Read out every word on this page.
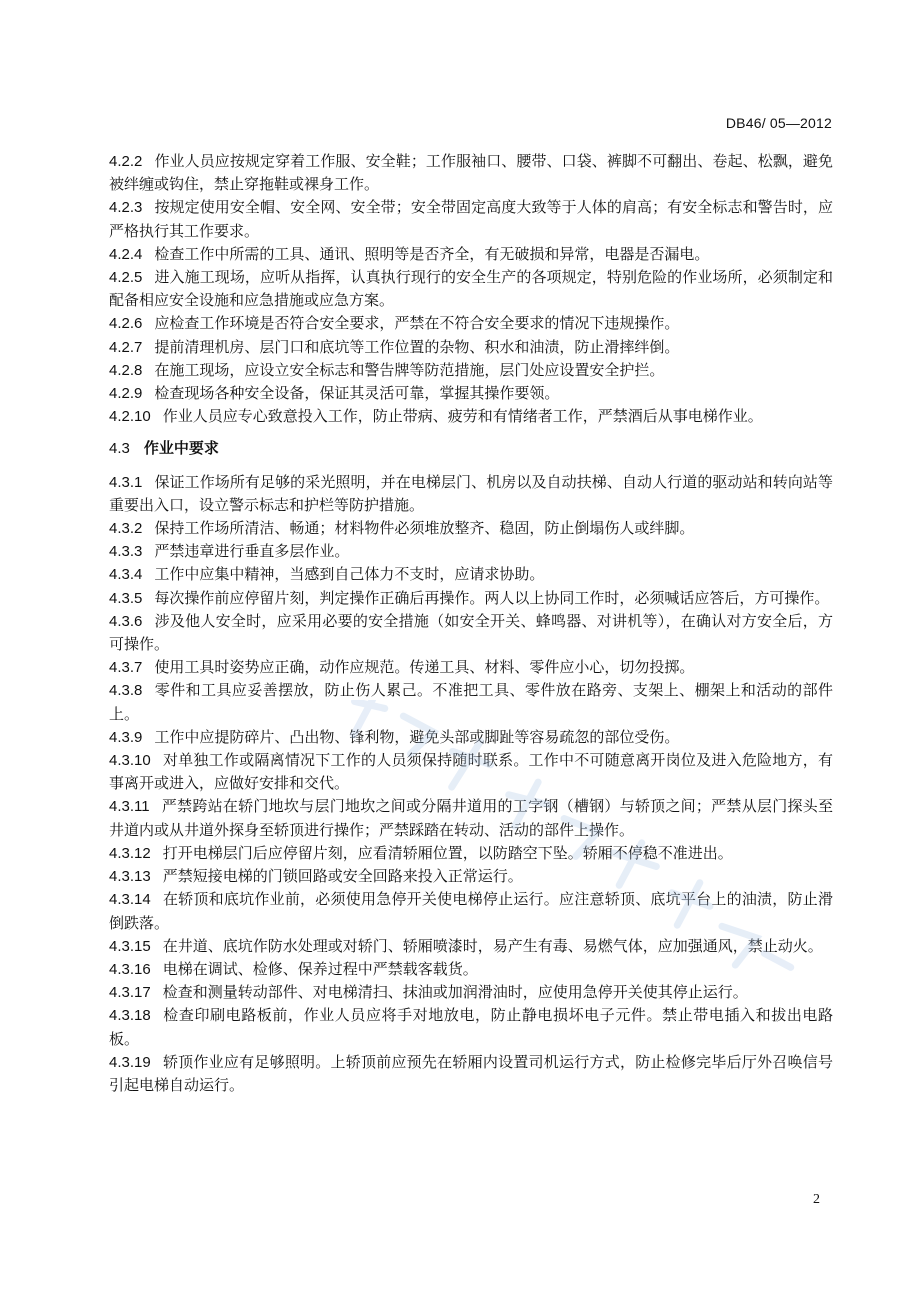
DB46/ 05—2012

4.2.2 作业人员应按规定穿着工作服、安全鞋；工作服袖口、腰带、口袋、裤脚不可翻出、卷起、松飘，避免被绊缠或钩住，禁止穿拖鞋或裸身工作。

4.2.3 按规定使用安全帽、安全网、安全带；安全带固定高度大致等于人体的肩高；有安全标志和警告时，应严格执行其工作要求。

4.2.4 检查工作中所需的工具、通讯、照明等是否齐全，有无破损和异常，电器是否漏电。

4.2.5 进入施工现场，应听从指挥，认真执行现行的安全生产的各项规定，特别危险的作业场所，必须制定和配备相应安全设施和应急措施或应急方案。

4.2.6 应检查工作环境是否符合安全要求，严禁在不符合安全要求的情况下违规操作。

4.2.7 提前清理机房、层门口和底坑等工作位置的杂物、积水和油渍，防止滑摔绊倒。

4.2.8 在施工现场，应设立安全标志和警告牌等防范措施，层门处应设置安全护拦。

4.2.9 检查现场各种安全设备，保证其灵活可靠，掌握其操作要领。

4.2.10 作业人员应专心致意投入工作，防止带病、疲劳和有情绪者工作，严禁酒后从事电梯作业。

4.3 作业中要求

4.3.1 保证工作场所有足够的采光照明，并在电梯层门、机房以及自动扶梯、自动人行道的驱动站和转向站等重要出入口，设立警示标志和护栏等防护措施。

4.3.2 保持工作场所清洁、畅通；材料物件必须堆放整齐、稳固，防止倒塌伤人或绊脚。

4.3.3 严禁违章进行垂直多层作业。

4.3.4 工作中应集中精神，当感到自己体力不支时，应请求协助。

4.3.5 每次操作前应停留片刻，判定操作正确后再操作。两人以上协同工作时，必须喊话应答后，方可操作。

4.3.6 涉及他人安全时，应采用必要的安全措施（如安全开关、蜂鸣器、对讲机等），在确认对方安全后，方可操作。

4.3.7 使用工具时姿势应正确，动作应规范。传递工具、材料、零件应小心，切勿投掷。

4.3.8 零件和工具应妥善摆放，防止伤人累己。不准把工具、零件放在路旁、支架上、棚架上和活动的部件上。

4.3.9 工作中应提防碎片、凸出物、锋利物，避免头部或脚趾等容易疏忽的部位受伤。

4.3.10 对单独工作或隔离情况下工作的人员须保持随时联系。工作中不可随意离开岗位及进入危险地方，有事离开或进入，应做好安排和交代。

4.3.11 严禁跨站在轿门地坎与层门地坎之间或分隔井道用的工字钢（槽钢）与轿顶之间；严禁从层门探头至井道内或从井道外探身至轿顶进行操作；严禁踩踏在转动、活动的部件上操作。

4.3.12 打开电梯层门后应停留片刻，应看清轿厢位置，以防踏空下坠。轿厢不停稳不准进出。

4.3.13 严禁短接电梯的门锁回路或安全回路来投入正常运行。

4.3.14 在轿顶和底坑作业前，必须使用急停开关使电梯停止运行。应注意轿顶、底坑平台上的油渍，防止滑倒跌落。

4.3.15 在井道、底坑作防水处理或对轿门、轿厢喷漆时，易产生有毒、易燃气体，应加强通风，禁止动火。

4.3.16 电梯在调试、检修、保养过程中严禁载客载货。

4.3.17 检查和测量转动部件、对电梯清扫、抹油或加润滑油时，应使用急停开关使其停止运行。

4.3.18 检查印刷电路板前，作业人员应将手对地放电，防止静电损坏电子元件。禁止带电插入和拔出电路板。

4.3.19 轿顶作业应有足够照明。上轿顶前应预先在轿厢内设置司机运行方式，防止检修完毕后厅外召唤信号引起电梯自动运行。

2
